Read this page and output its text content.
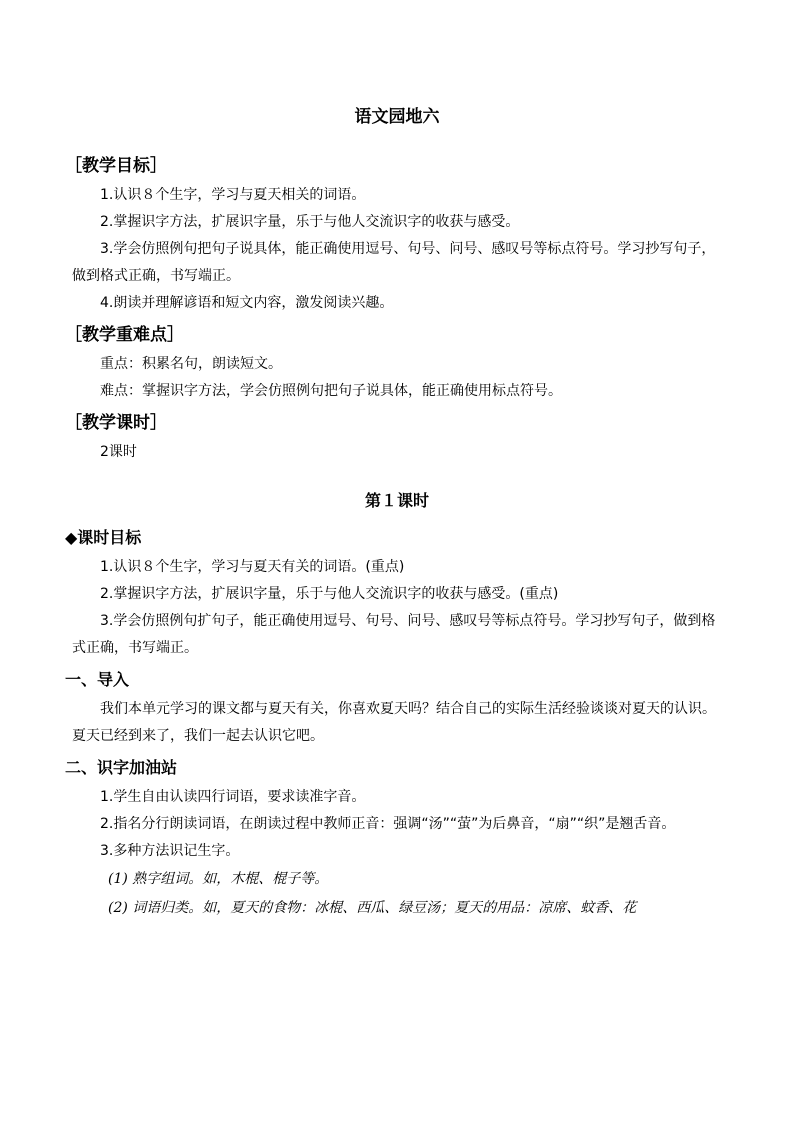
语文园地六
［教学目标］

1.认识８个生字，学习与夏天相关的词语。

2.掌握识字方法，扩展识字量，乐于与他人交流识字的收获与感受。

3.学会仿照例句把句子说具体，能正确使用逗号、句号、问号、感叹号等标点符号。学习抄写句子，做到格式正确，书写端正。

4.朗读并理解谚语和短文内容，激发阅读兴趣。

［教学重难点］

重点：积累名句，朗读短文。

难点：掌握识字方法，学会仿照例句把句子说具体，能正确使用标点符号。

［教学课时］

2课时

第１课时
◆课时目标

1.认识８个生字，学习与夏天有关的词语。(重点)

2.掌握识字方法，扩展识字量，乐于与他人交流识字的收获与感受。(重点)

3.学会仿照例句扩句子，能正确使用逗号、句号、问号、感叹号等标点符号。学习抄写句子，做到格式正确，书写端正。

一、导入

我们本单元学习的课文都与夏天有关，你喜欢夏天吗？结合自己的实际生活经验谈谈对夏天的认识。夏天已经到来了，我们一起去认识它吧。

二、识字加油站

1.学生自由认读四行词语，要求读准字音。

2.指名分行朗读词语，在朗读过程中教师正音：强调“汤”“萤”为后鼻音，“扇”“织”是翘舌音。

3.多种方法识记生字。

(1) 熟字组词。如，木棍、棍子等。

(2) 词语归类。如，夏天的食物：冰棍、西瓜、绿豆汤；夏天的用品：凉席、蚊香、花
